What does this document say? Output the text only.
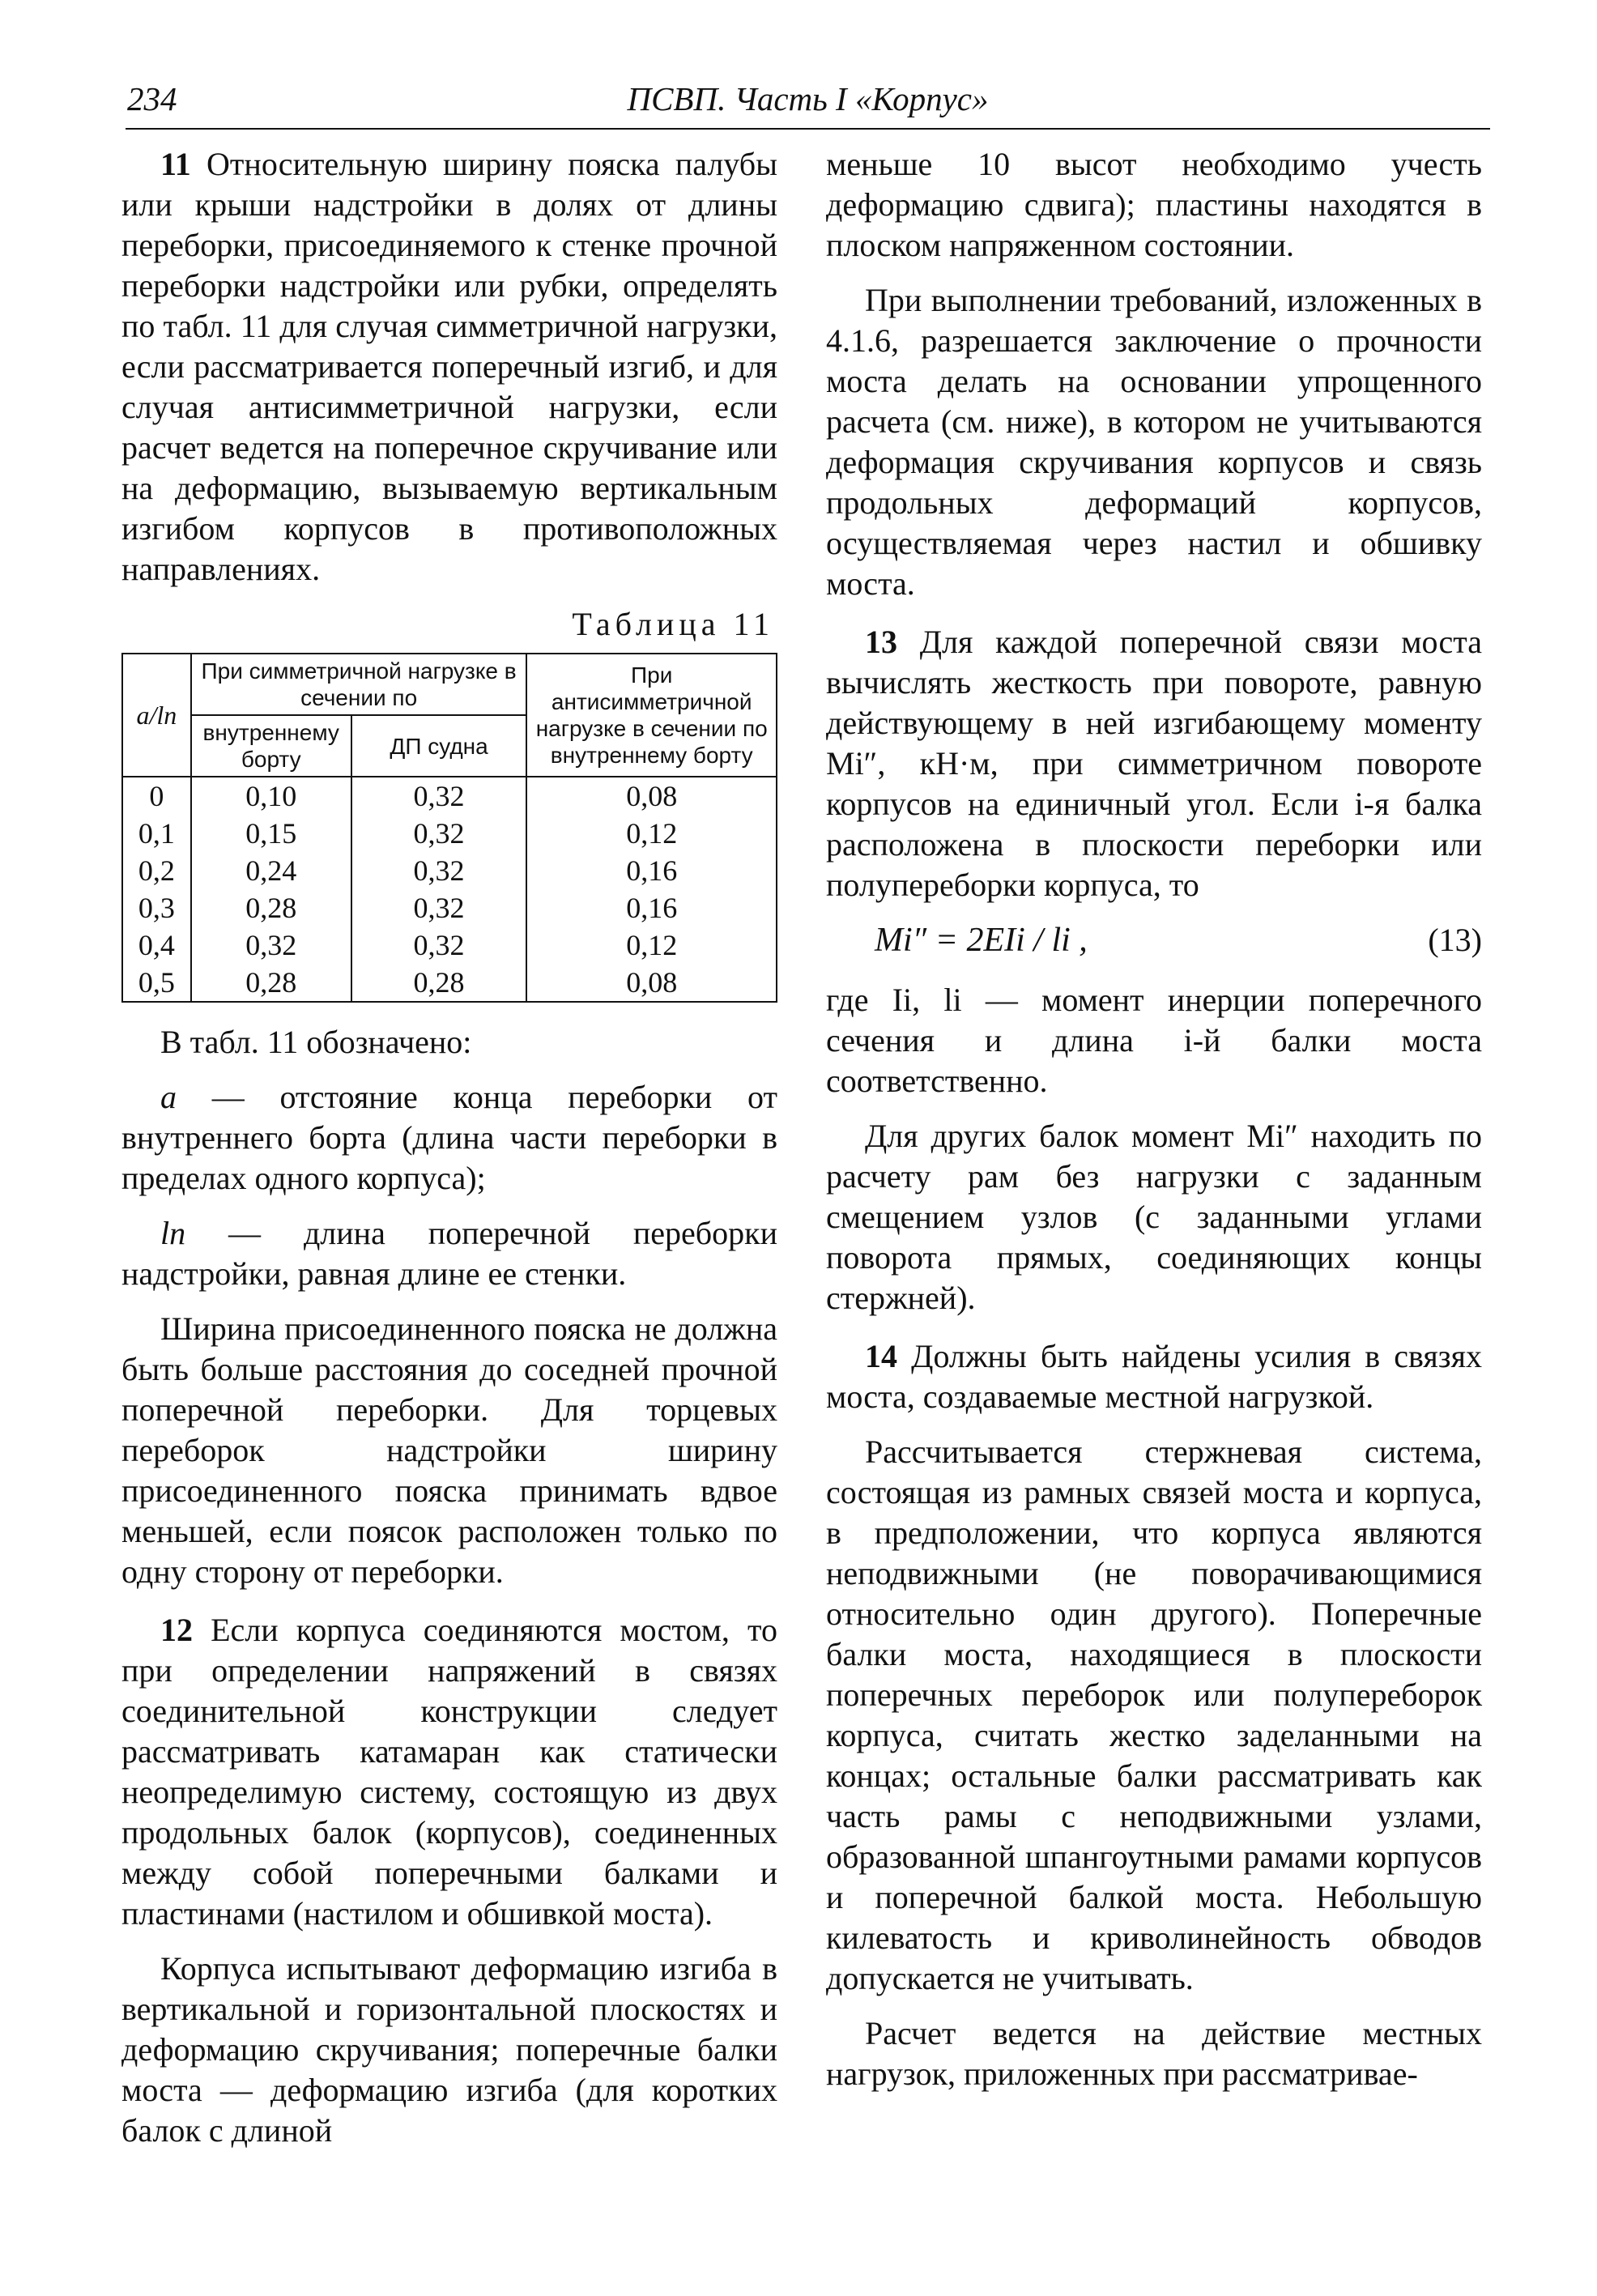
234	ПСВП. Часть I «Корпус»

11 Относительную ширину пояска палубы или крыши надстройки в долях от длины переборки, присоединяемого к стенке прочной переборки надстройки или рубки, определять по табл. 11 для случая симметричной нагрузки, если рассматривается поперечный изгиб, и для случая антисимметричной нагрузки, если расчет ведется на поперечное скручивание или на деформацию, вызываемую вертикальным изгибом корпусов в противоположных направлениях.

Таблица 11
a/lп	При симметричной нагрузке в сечении по		При антисимметричной нагрузке в сечении по внутреннему борту
	внутреннему борту	ДП судна	
0	0,10	0,32	0,08
0,1	0,15	0,32	0,12
0,2	0,24	0,32	0,16
0,3	0,28	0,32	0,16
0,4	0,32	0,32	0,12
0,5	0,28	0,28	0,08

В табл. 11 обозначено:

a — отстояние конца переборки от внутреннего борта (длина части переборки в пределах одного корпуса);

lп — длина поперечной переборки надстройки, равная длине ее стенки.

Ширина присоединенного пояска не должна быть больше расстояния до соседней прочной поперечной переборки. Для торцевых переборок надстройки ширину присоединенного пояска принимать вдвое меньшей, если поясок расположен только по одну сторону от переборки.

12 Если корпуса соединяются мостом, то при определении напряжений в связях соединительной конструкции следует рассматривать катамаран как статически неопределимую систему, состоящую из двух продольных балок (корпусов), соединенных между собой поперечными балками и пластинами (настилом и обшивкой моста).

Корпуса испытывают деформацию изгиба в вертикальной и горизонтальной плоскостях и деформацию скручивания; поперечные балки моста — деформацию изгиба (для коротких балок с длиной

меньше 10 высот необходимо учесть деформацию сдвига); пластины находятся в плоском напряженном состоянии.

При выполнении требований, изложенных в 4.1.6, разрешается заключение о прочности моста делать на основании упрощенного расчета (см. ниже), в котором не учитываются деформация скручивания корпусов и связь продольных деформаций корпусов, осуществляемая через настил и обшивку моста.

13 Для каждой поперечной связи моста вычислять жесткость при повороте, равную действующему в ней изгибающему моменту Mi″, кН·м, при симметричном повороте корпусов на единичный угол. Если i-я балка расположена в плоскости переборки или полупереборки корпуса, то

Mi″ = 2EIi / li ,	(13)

где Ii, li — момент инерции поперечного сечения и длина i-й балки моста соответственно.

Для других балок момент Mi″ находить по расчету рам без нагрузки с заданным смещением узлов (с заданными углами поворота прямых, соединяющих концы стержней).

14 Должны быть найдены усилия в связях моста, создаваемые местной нагрузкой.

Рассчитывается стержневая система, состоящая из рамных связей моста и корпуса, в предположении, что корпуса являются неподвижными (не поворачивающимися относительно один другого). Поперечные балки моста, находящиеся в плоскости поперечных переборок или полупереборок корпуса, считать жестко заделанными на концах; остальные балки рассматривать как часть рамы с неподвижными узлами, образованной шпангоутными рамами корпусов и поперечной балкой моста. Небольшую килеватость и криволинейность обводов допускается не учитывать.

Расчет ведется на действие местных нагрузок, приложенных при рассматривае-
